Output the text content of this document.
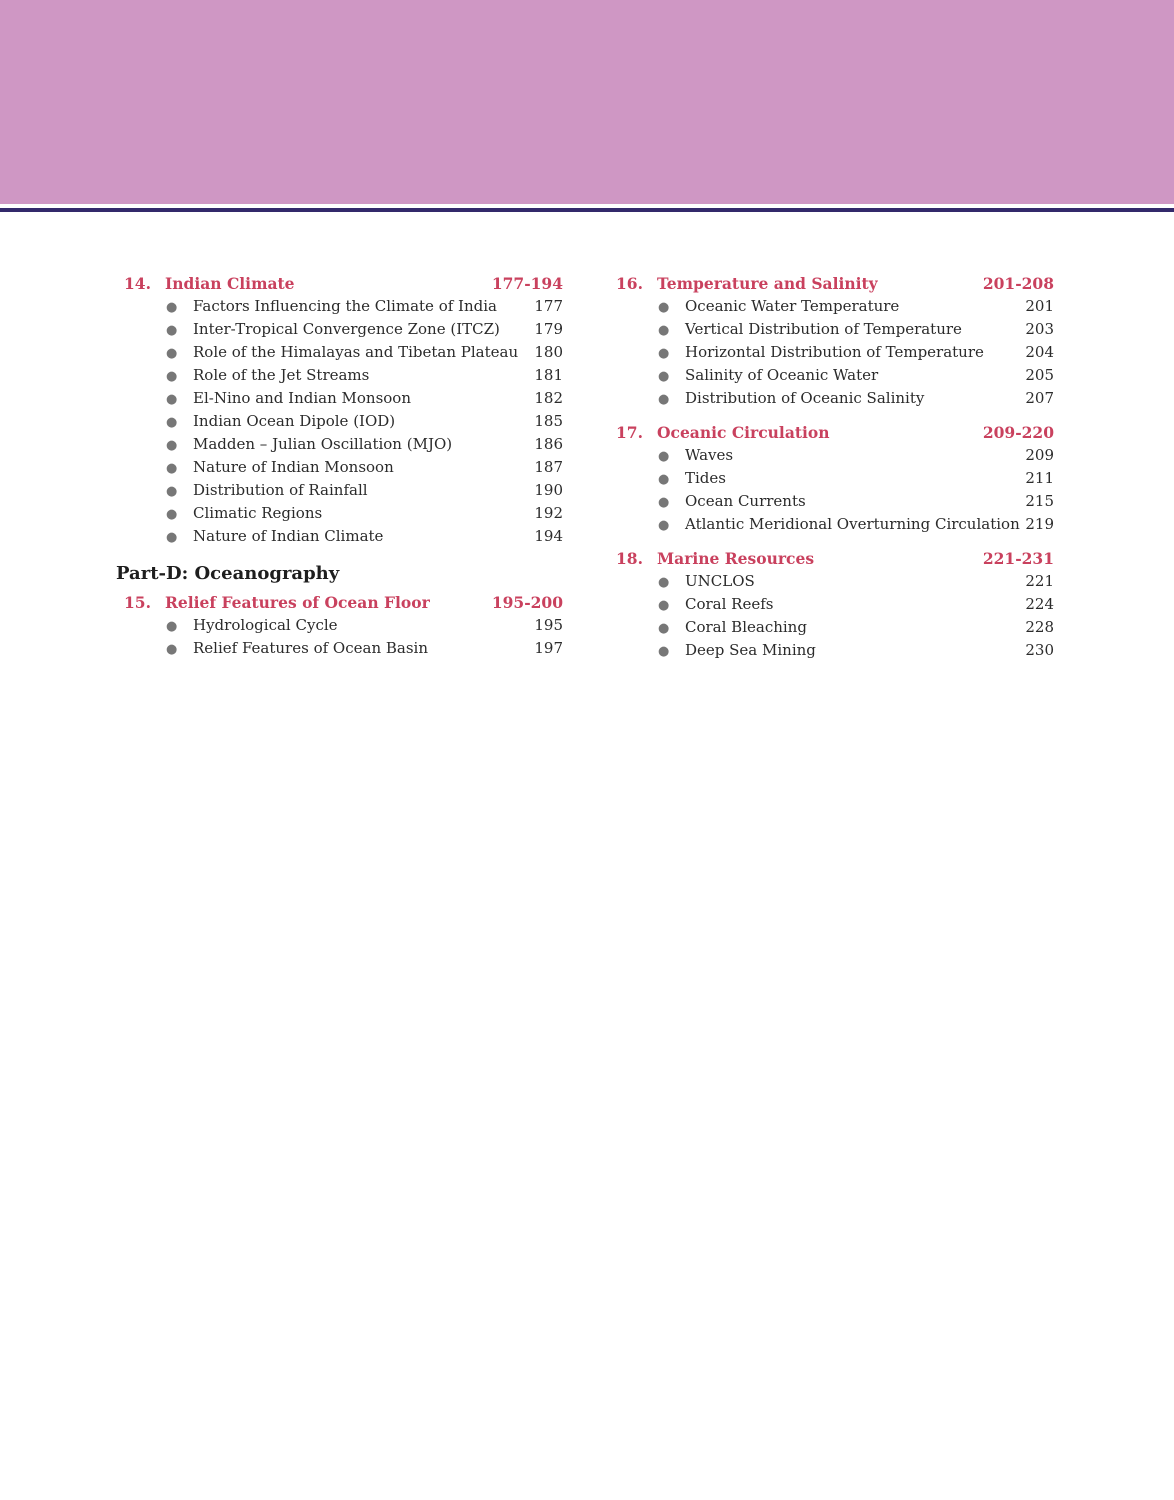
14. Indian Climate	177-194
●	Factors Influencing the Climate of India	177
●	Inter-Tropical Convergence Zone (ITCZ)	179
●	Role of the Himalayas and Tibetan Plateau	180
●	Role of the Jet Streams	181
●	El-Nino and Indian Monsoon	182
●	Indian Ocean Dipole (IOD)	185
●	Madden – Julian Oscillation (MJO)	186
●	Nature of Indian Monsoon	187
●	Distribution of Rainfall	190
●	Climatic Regions	192
●	Nature of Indian Climate	194
Part-D: Oceanography
15. Relief Features of Ocean Floor	195-200
●	Hydrological Cycle	195
●	Relief Features of Ocean Basin	197
16. Temperature and Salinity	201-208
●	Oceanic Water Temperature	201
●	Vertical Distribution of Temperature	203
●	Horizontal Distribution of Temperature	204
●	Salinity of Oceanic Water	205
●	Distribution of Oceanic Salinity	207
17. Oceanic Circulation	209-220
●	Waves	209
●	Tides	211
●	Ocean Currents	215
●	Atlantic Meridional Overturning Circulation 219
18. Marine Resources	221-231
●	UNCLOS	221
●	Coral Reefs	224
●	Coral Bleaching	228
●	Deep Sea Mining	230
